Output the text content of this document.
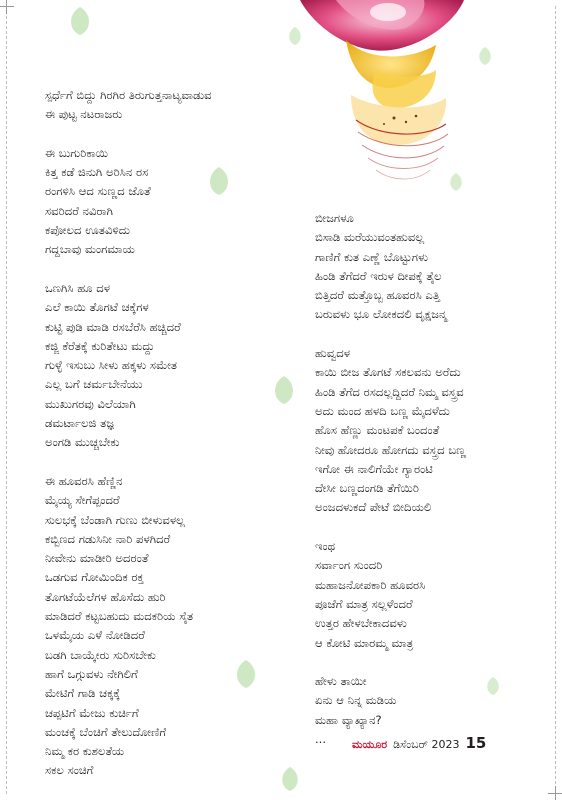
ಸ್ಪರ್ಧೆಗೆ ಬಿದ್ದು ಗಿರಗಿರ ತಿರುಗುತ್ತನಾಟ್ಯವಾಡುವ
ಈ ಪುಟ್ಟ ನಟರಾಜರು
ಈ ಬುಗುರಿಕಾಯಿ
ಕಿತ್ತ ಕಡೆ ಜಿನುಗಿ ಅರಿಸಿನ ರಸ
ರಂಗಳಿಸಿ ಆದ ಸುಣ್ಣದ ಜೊತೆ
ಸವರಿದರೆ ನವಿರಾಗಿ
ಕಪೋಲದ ಊತವಿಳಿದು
ಗದ್ದಬಾವು ಮಂಗಮಾಯ
ಒಣಗಿಸಿ ಹೂ ದಳ
ಎಲೆ ಕಾಯಿ ತೊಗಟೆ ಚಕ್ಕೆಗಳ
ಕುಟ್ಟಿ ಪುಡಿ ಮಾಡಿ ರಸಬೆರೆಸಿ ಹಚ್ಚಿದರೆ
ಕಜ್ಜಿ ಕೆರೆತಕ್ಕೆ ಕುರಿತೇಟು ಮದ್ದು
ಗುಳ್ಳೆ ಇಸುಬು ಸೀಳು ಹಕ್ಕಳು ಸಮೇತ
ಎಲ್ಲ ಬಗೆ ಚರ್ಮಬೇನೆಯು
ಮುಖುಗರವು ವಿಲೆಯಾಗಿ
ಡಮರ್ಟಾಲಜಿ ತಜ್ಞ
ಅಂಗಡಿ ಮುಚ್ಚಬೇಕು
ಈ ಹೂವರಸಿ ಹೆಣ್ಣಿನ
ಮೈಯ್ಯ ಸೇಗೆಪ್ಪಂದರೆ
ಸುಲಭಕ್ಕೆ ಬೆಂಡಾಗಿ ಗುಣು ಬೀಳುವಳಲ್ಲ
ಕಬ್ಬಿಣದ ಗಡುಸಿನೀ ನಾರಿ ಪಳಗಿದರೆ
ನೀವೇನು ಮಾಡೀರಿ ಅದರಂತೆ
ಒಡಗುವ ಗೋಮಿಂದಿಕ ರಕ್ತ
ತೊಗಟೆಯೆಲೆಗಳ ಹೊಸೆದು ಹುರಿ
ಮಾಡಿದರೆ ಕಟ್ಟಬಹುದು ಮದಕರಿಯ ಸೈತ
ಒಳಮೈಯ ಎಳೆ ನೋಡಿದರೆ
ಬಡಗಿ ಬಾಯ್ಕೇರು ಸುರಿಸಬೇಕು
ಹಾಗೆ ಒಗ್ಗುವಳು ನೇಗಿಲಿಗೆ
ಮೇಟಿಗೆ ಗಾಡಿ ಚಕ್ಕಕ್ಕೆ
ಚಪ್ಪಟಿಗೆ ಮೇಜು ಕುರ್ಚಿಗೆ
ಮಂಚಕ್ಕೆ ಬೆಂಚಿಗೆ ತೇಲುದೋಣಿಗೆ
ನಿಮ್ಮ ಕರ ಕುಶಲತೆಯ
ಸಕಲ ಸಂಚಿಗೆ
ಬೀಜಗಳೂ
ಬಿಸಾಡಿ ಮರೆಯುವಂತಹುವಲ್ಲ
ಗಾಣಿಗೆ ಕುತ ಎಣ್ಣೆ ಬೊಟ್ಟುಗಳು
ಹಿಂಡಿ ತೆಗೆದರೆ ಇರುಳ ದೀಪಕ್ಕೆ ತೈಲ
ಬಿತ್ತಿದರೆ ಮತ್ತೊಬ್ಬ ಹೂವರಸಿ ಎತ್ತಿ
ಬರುವಳು ಭೂ ಲೋಕದಲಿ ವೃಕ್ಷಜನ್ಮ
ಹುವ್ವದಳ
ಕಾಯಿ ಬೀಜ ತೊಗಟೆ ಸಕಲವನು ಅರೆದು
ಹಿಂಡಿ ತೆಗೆದ ರಸದಲ್ಲದ್ದಿದರೆ ನಿಮ್ಮ ವಸ್ತ್ರವ
ಅದು ಮಂದ ಹಳದಿ ಬಣ್ಣ ಮೈದಳೆದು
ಹೊಸ ಹೆಣ್ಣು ಮಂಟಪಕೆ ಬಂದಂತೆ
ನೀವು ಹೋದರೂ ಹೋಗದು ವಸ್ತ್ರದ ಬಣ್ಣ
ಇಗೋ ಈ ನಾಲಿಗೆಯೇ ಗ್ಯಾರಂಟಿ
ದೇಸೀ ಬಣ್ಣದಂಗಡಿ ತೆಗೆಯಿರಿ
ಅಂಜದಳುಕದೆ ಪೇಟೆ ಬೀದಿಯಲಿ
ಇಂಥ
ಸರ್ವಾಂಗ ಸುಂದರಿ
ಮಹಾಜನೋಪಕಾರಿ ಹೂವರಸಿ
ಪೂಜೆಗೆ ಮಾತ್ರ ಸಲ್ಲಳೆಂದರೆ
ಉತ್ತರ ಹೇಳಬೇಕಾದವಳು
ಆ ಕೋಟಿ ಮಾರಮ್ಮ ಮಾತ್ರ
ಹೇಳು ತಾಯೀ
ಏನು ಆ ನಿನ್ನ ಮಡಿಯ
ಮಹಾ ವ್ಯಾಖ್ಯಾನ?
...	ಮಯೂರ ಡಿಸೆಂಬರ್ 2023 15
